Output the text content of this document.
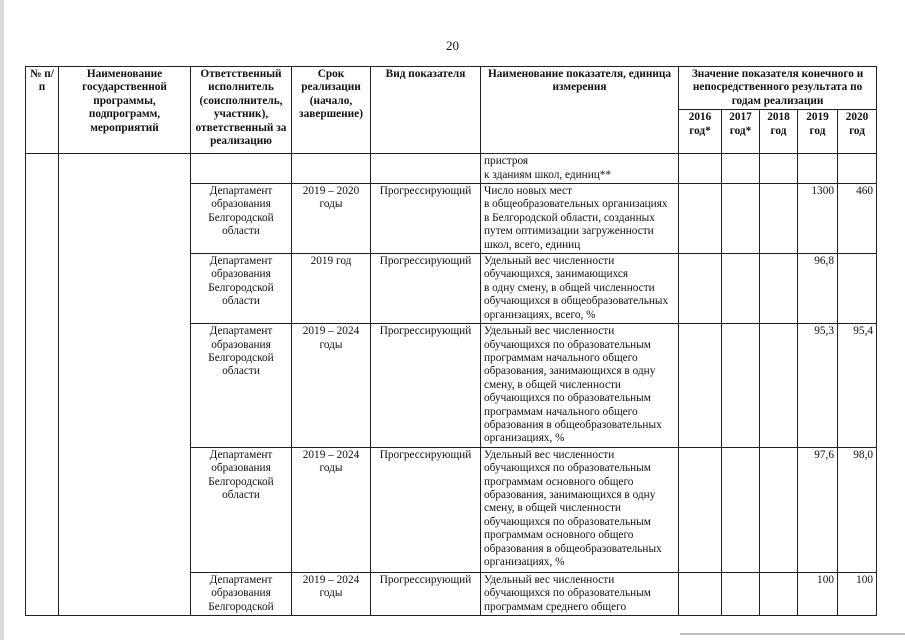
20
№ п/п	Наименование государственной программы, подпрограмм, мероприятий	Ответственный исполнитель (соисполнитель, участник), ответственный за реализацию	Срок реализации (начало, завершение)	Вид показателя	Наименование показателя, единица измерения	Значение показателя конечного и непосредственного результата по годам реализации				
						2016 год*	2017 год*	2018 год	2019 год	2020 год
					пристроя
к зданиям школ, единиц**					
		Департамент образования Белгородской области	2019 – 2020 годы	Прогрессирующий	Число новых мест
в общеобразовательных организациях в Белгородской области, созданных путем оптимизации загруженности школ, всего, единиц				1300	460
		Департамент образования Белгородской области	2019 год	Прогрессирующий	Удельный вес численности обучающихся, занимающихся
в одну смену, в общей численности обучающихся в общеобразовательных организациях, всего, %				96,8	
		Департамент образования Белгородской области	2019 – 2024 годы	Прогрессирующий	Удельный вес численности обучающихся по образовательным программам начального общего образования, занимающихся в одну смену, в общей численности обучающихся по образовательным программам начального общего образования в общеобразовательных организациях, %				95,3	95,4
		Департамент образования Белгородской области	2019 – 2024 годы	Прогрессирующий	Удельный вес численности обучающихся по образовательным программам основного общего образования, занимающихся в одну смену, в общей численности обучающихся по образовательным программам основного общего образования в общеобразовательных организациях, %				97,6	98,0
		Департамент образования Белгородской	2019 – 2024 годы	Прогрессирующий	Удельный вес численности обучающихся по образовательным программам среднего общего				100	100
